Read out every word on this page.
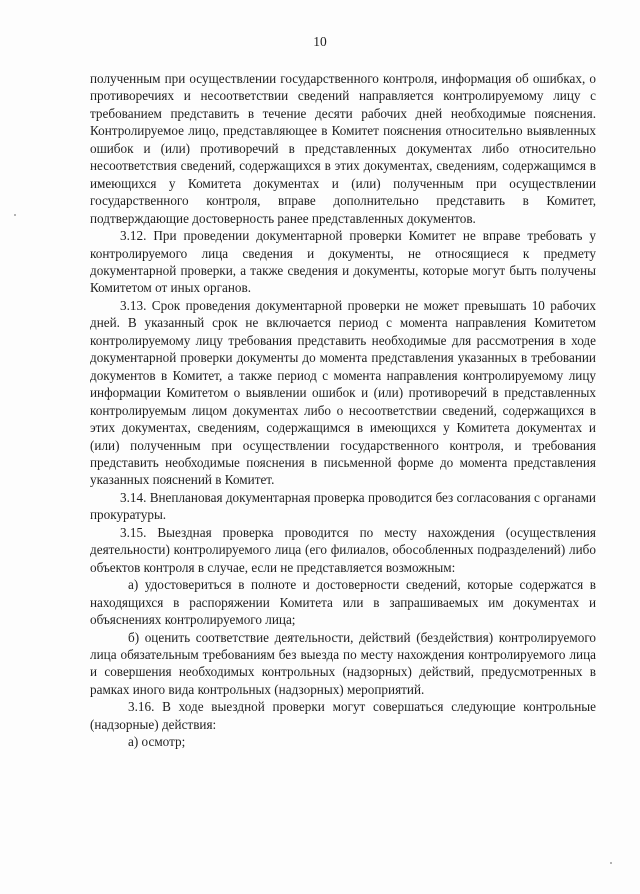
10

полученным при осуществлении государственного контроля, информация об ошибках, о противоречиях и несоответствии сведений направляется контролируемому лицу с требованием представить в течение десяти рабочих дней необходимые пояснения. Контролируемое лицо, представляющее в Комитет пояснения относительно выявленных ошибок и (или) противоречий в представленных документах либо относительно несоответствия сведений, содержащихся в этих документах, сведениям, содержащимся в имеющихся у Комитета документах и (или) полученным при осуществлении государственного контроля, вправе дополнительно представить в Комитет, подтверждающие достоверность ранее представленных документов.

3.12. При проведении документарной проверки Комитет не вправе требовать у контролируемого лица сведения и документы, не относящиеся к предмету документарной проверки, а также сведения и документы, которые могут быть получены Комитетом от иных органов.

3.13. Срок проведения документарной проверки не может превышать 10 рабочих дней. В указанный срок не включается период с момента направления Комитетом контролируемому лицу требования представить необходимые для рассмотрения в ходе документарной проверки документы до момента представления указанных в требовании документов в Комитет, а также период с момента направления контролируемому лицу информации Комитетом о выявлении ошибок и (или) противоречий в представленных контролируемым лицом документах либо о несоответствии сведений, содержащихся в этих документах, сведениям, содержащимся в имеющихся у Комитета документах и (или) полученным при осуществлении государственного контроля, и требования представить необходимые пояснения в письменной форме до момента представления указанных пояснений в Комитет.

3.14. Внеплановая документарная проверка проводится без согласования с органами прокуратуры.

3.15. Выездная проверка проводится по месту нахождения (осуществления деятельности) контролируемого лица (его филиалов, обособленных подразделений) либо объектов контроля в случае, если не представляется возможным:

а) удостовериться в полноте и достоверности сведений, которые содержатся в находящихся в распоряжении Комитета или в запрашиваемых им документах и объяснениях контролируемого лица;

б) оценить соответствие деятельности, действий (бездействия) контролируемого лица обязательным требованиям без выезда по месту нахождения контролируемого лица и совершения необходимых контрольных (надзорных) действий, предусмотренных в рамках иного вида контрольных (надзорных) мероприятий.

3.16. В ходе выездной проверки могут совершаться следующие контрольные (надзорные) действия:

а) осмотр;
